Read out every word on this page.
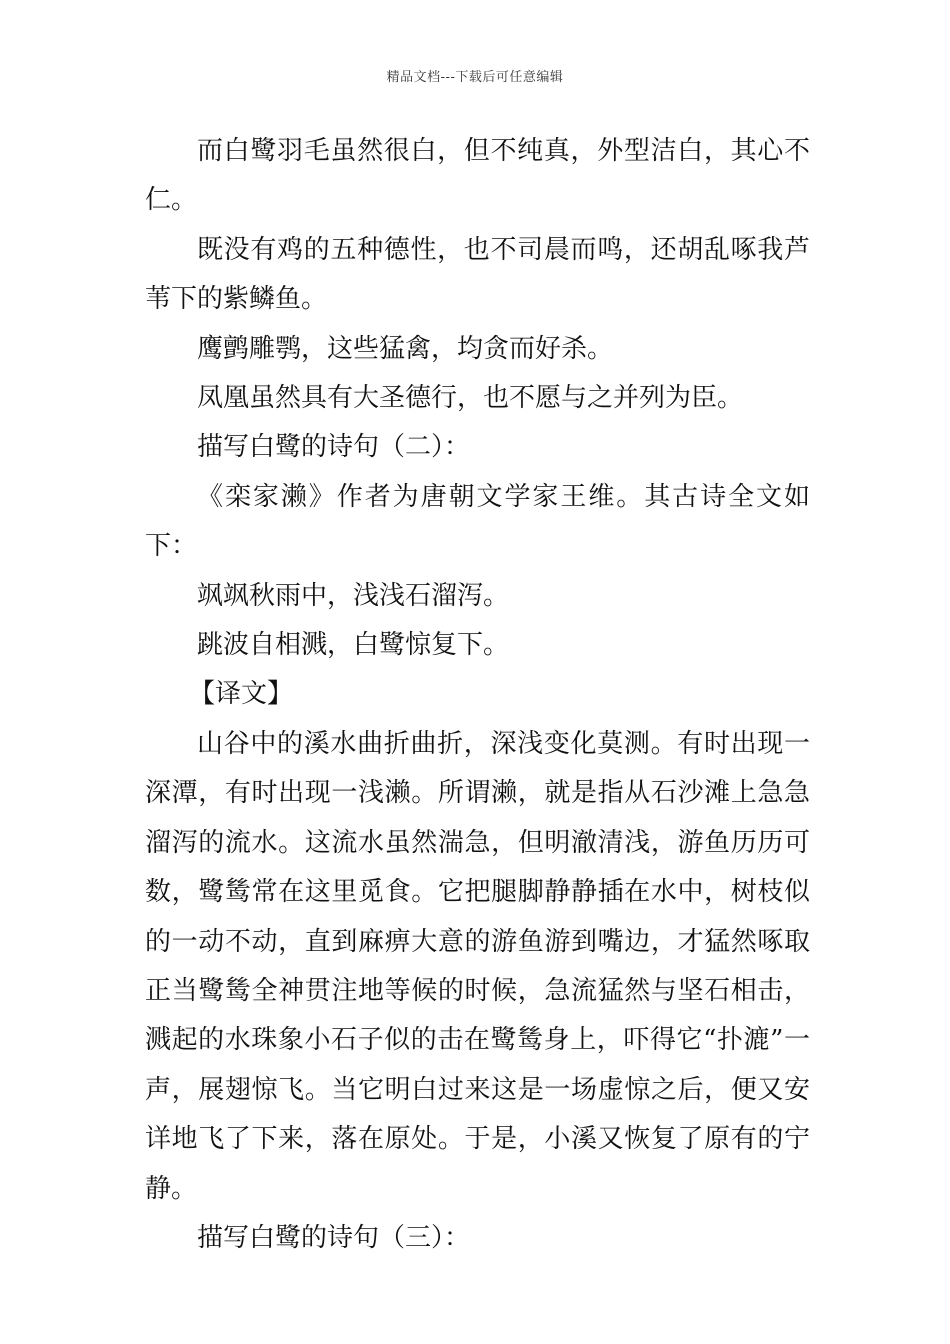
精品文档---下载后可任意编辑

而白鹭羽毛虽然很白，但不纯真，外型洁白，其心不仁。

既没有鸡的五种德性，也不司晨而鸣，还胡乱啄我芦苇下的紫鳞鱼。

鹰鹯雕鹗，这些猛禽，均贪而好杀。

凤凰虽然具有大圣德行，也不愿与之并列为臣。

描写白鹭的诗句（二）：

《栾家濑》作者为唐朝文学家王维。其古诗全文如下：

飒飒秋雨中，浅浅石溜泻。

跳波自相溅，白鹭惊复下。

【译文】

山谷中的溪水曲折曲折，深浅变化莫测。有时出现一深潭，有时出现一浅濑。所谓濑，就是指从石沙滩上急急溜泻的流水。这流水虽然湍急，但明澈清浅，游鱼历历可数，鹭鸶常在这里觅食。它把腿脚静静插在水中，树枝似的一动不动，直到麻痹大意的游鱼游到嘴边，才猛然啄取正当鹭鸶全神贯注地等候的时候，急流猛然与坚石相击，溅起的水珠象小石子似的击在鹭鸶身上，吓得它“扑漉”一声，展翅惊飞。当它明白过来这是一场虚惊之后，便又安详地飞了下来，落在原处。于是，小溪又恢复了原有的宁静。

描写白鹭的诗句（三）：
